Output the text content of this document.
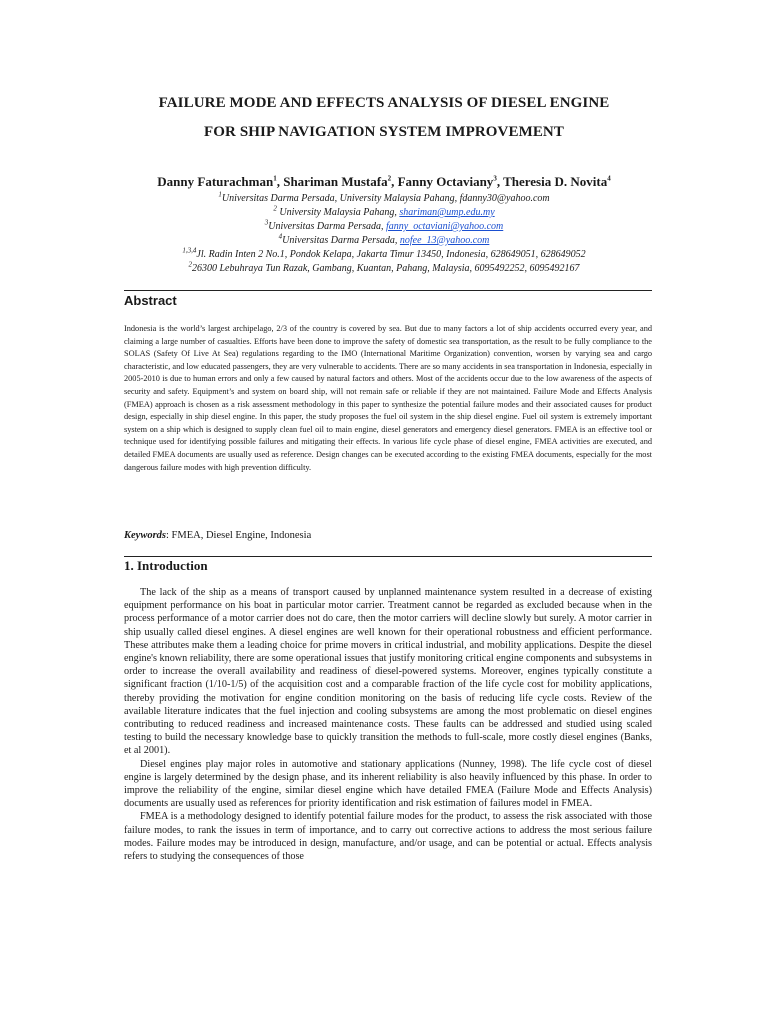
FAILURE MODE AND EFFECTS ANALYSIS OF DIESEL ENGINE
FOR SHIP NAVIGATION SYSTEM IMPROVEMENT
Danny Faturachman$^1$, Shariman Mustafa$^2$, Fanny Octaviany$^3$, Theresia D. Novita$^4$
$^1$Universitas Darma Persada, University Malaysia Pahang, fdanny30@yahoo.com
$^2$ University Malaysia Pahang, shariman@ump.edu.my
$^3$Universitas Darma Persada, fanny_octaviani@yahoo.com
$^4$Universitas Darma Persada, nofee_13@yahoo.com
$^{1,3,4}$Jl. Radin Inten 2 No.1, Pondok Kelapa, Jakarta Timur 13450, Indonesia, 628649051, 628649052
$^2$26300 Lebuhraya Tun Razak, Gambang, Kuantan, Pahang, Malaysia, 6095492252, 6095492167
Abstract
Indonesia is the world’s largest archipelago, 2/3 of the country is covered by sea. But due to many factors a lot of ship accidents occurred every year, and claiming a large number of casualties. Efforts have been done to improve the safety of domestic sea transportation, as the result to be fully compliance to the SOLAS (Safety Of Live At Sea) regulations regarding to the IMO (International Maritime Organization) convention, worsen by varying sea and cargo characteristic, and low educated passengers, they are very vulnerable to accidents. There are so many accidents in sea transportation in Indonesia, especially in 2005-2010 is due to human errors and only a few caused by natural factors and others. Most of the accidents occur due to the low awareness of the aspects of security and safety. Equipment’s and system on board ship, will not remain safe or reliable if they are not maintained. Failure Mode and Effects Analysis (FMEA) approach is chosen as a risk assessment methodology in this paper to synthesize the potential failure modes and their associated causes for product design, especially in ship diesel engine. In this paper, the study proposes the fuel oil system in the ship diesel engine. Fuel oil system is extremely important system on a ship which is designed to supply clean fuel oil to main engine, diesel generators and emergency diesel generators. FMEA is an effective tool or technique used for identifying possible failures and mitigating their effects. In various life cycle phase of diesel engine, FMEA activities are executed, and detailed FMEA documents are usually used as reference. Design changes can be executed according to the existing FMEA documents, especially for the most dangerous failure modes with high prevention difficulty.
Keywords: FMEA, Diesel Engine, Indonesia
1. Introduction

The lack of the ship as a means of transport caused by unplanned maintenance system resulted in a decrease of existing equipment performance on his boat in particular motor carrier. Treatment cannot be regarded as excluded because when in the process performance of a motor carrier does not do care, then the motor carriers will decline slowly but surely. A motor carrier in ship usually called diesel engines. A diesel engines are well known for their operational robustness and efficient performance. These attributes make them a leading choice for prime movers in critical industrial, and mobility applications. Despite the diesel engine's known reliability, there are some operational issues that justify monitoring critical engine components and subsystems in order to increase the overall availability and readiness of diesel-powered systems. Moreover, engines typically constitute a significant fraction (1/10-1/5) of the acquisition cost and a comparable fraction of the life cycle cost for mobility applications, thereby providing the motivation for engine condition monitoring on the basis of reducing life cycle costs. Review of the available literature indicates that the fuel injection and cooling subsystems are among the most problematic on diesel engines contributing to reduced readiness and increased maintenance costs. These faults can be addressed and studied using scaled testing to build the necessary knowledge base to quickly transition the methods to full-scale, more costly diesel engines (Banks, et al 2001).

Diesel engines play major roles in automotive and stationary applications (Nunney, 1998). The life cycle cost of diesel engine is largely determined by the design phase, and its inherent reliability is also heavily influenced by this phase. In order to improve the reliability of the engine, similar diesel engine which have detailed FMEA (Failure Mode and Effects Analysis) documents are usually used as references for priority identification and risk estimation of failures model in FMEA.

FMEA is a methodology designed to identify potential failure modes for the product, to assess the risk associated with those failure modes, to rank the issues in term of importance, and to carry out corrective actions to address the most serious failure modes. Failure modes may be introduced in design, manufacture, and/or usage, and can be potential or actual. Effects analysis refers to studying the consequences of those
